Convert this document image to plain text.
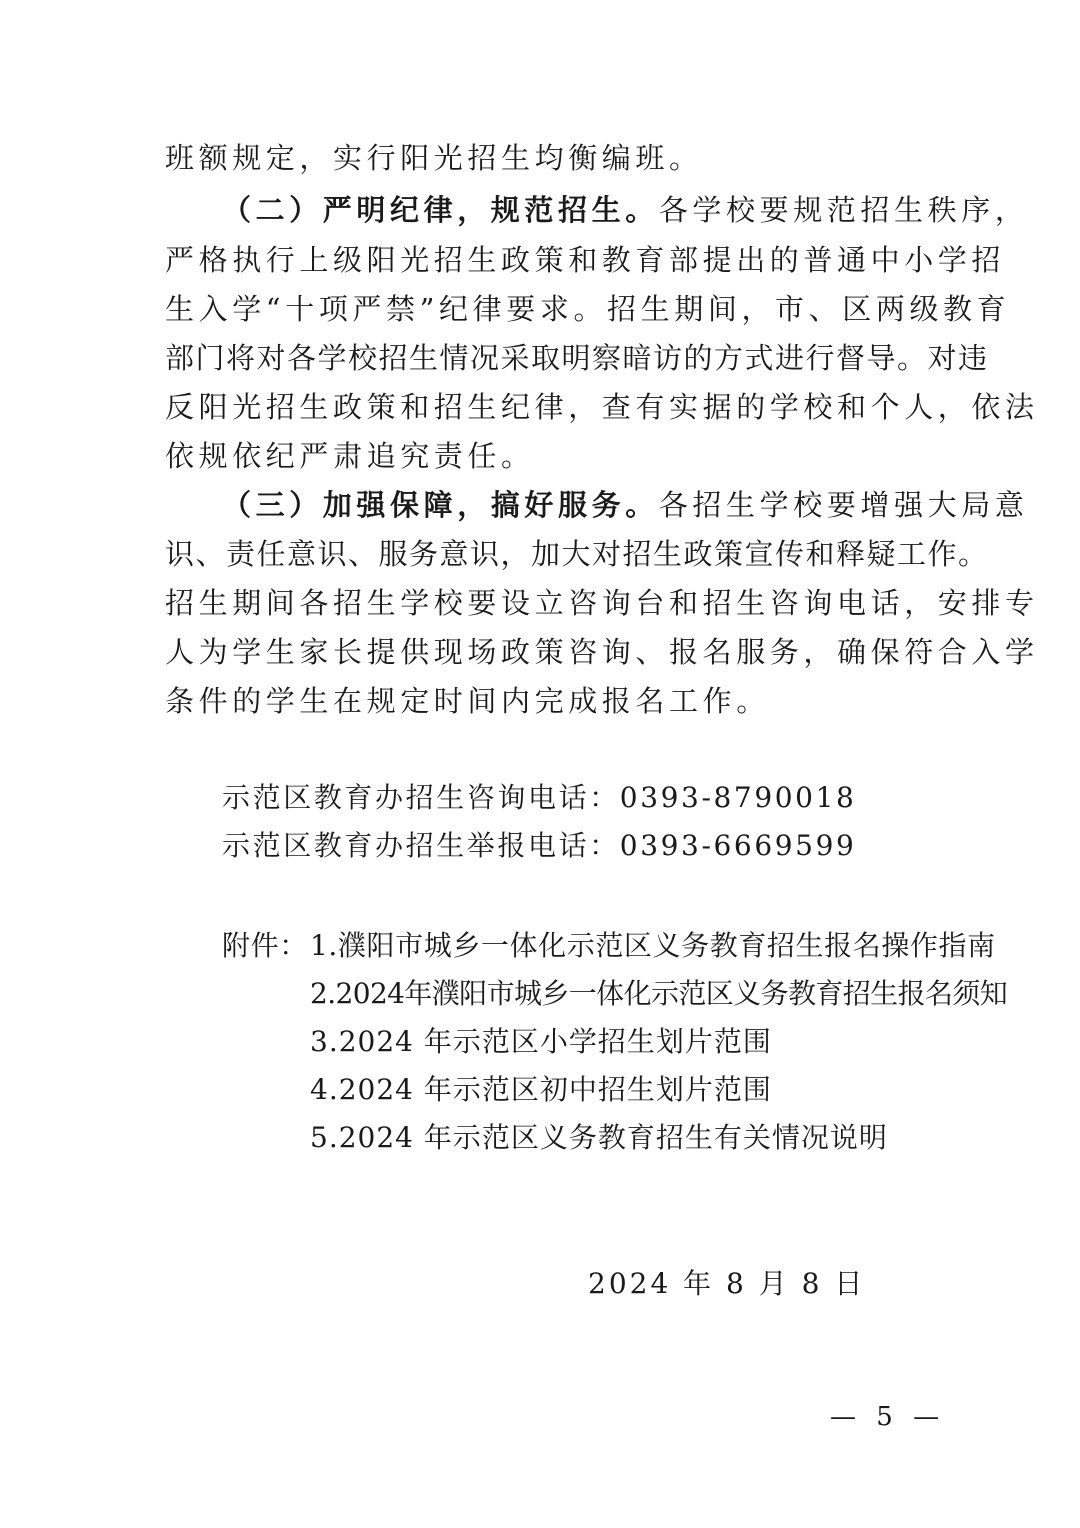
班额规定，实行阳光招生均衡编班。
（二）严明纪律，规范招生。各学校要规范招生秩序，
严格执行上级阳光招生政策和教育部提出的普通中小学招
生入学“十项严禁”纪律要求。招生期间，市、区两级教育
部门将对各学校招生情况采取明察暗访的方式进行督导。对违
反阳光招生政策和招生纪律，查有实据的学校和个人，依法
依规依纪严肃追究责任。
（三）加强保障，搞好服务。各招生学校要增强大局意
识、责任意识、服务意识，加大对招生政策宣传和释疑工作。
招生期间各招生学校要设立咨询台和招生咨询电话，安排专
人为学生家长提供现场政策咨询、报名服务，确保符合入学
条件的学生在规定时间内完成报名工作。
示范区教育办招生咨询电话：0393-8790018
示范区教育办招生举报电话：0393-6669599
附件： 1.濮阳市城乡一体化示范区义务教育招生报名操作指南
2.2024年濮阳市城乡一体化示范区义务教育招生报名须知
3.2024 年示范区小学招生划片范围
4.2024 年示范区初中招生划片范围
5.2024 年示范区义务教育招生有关情况说明
2024 年 8 月 8 日
— 5 —
